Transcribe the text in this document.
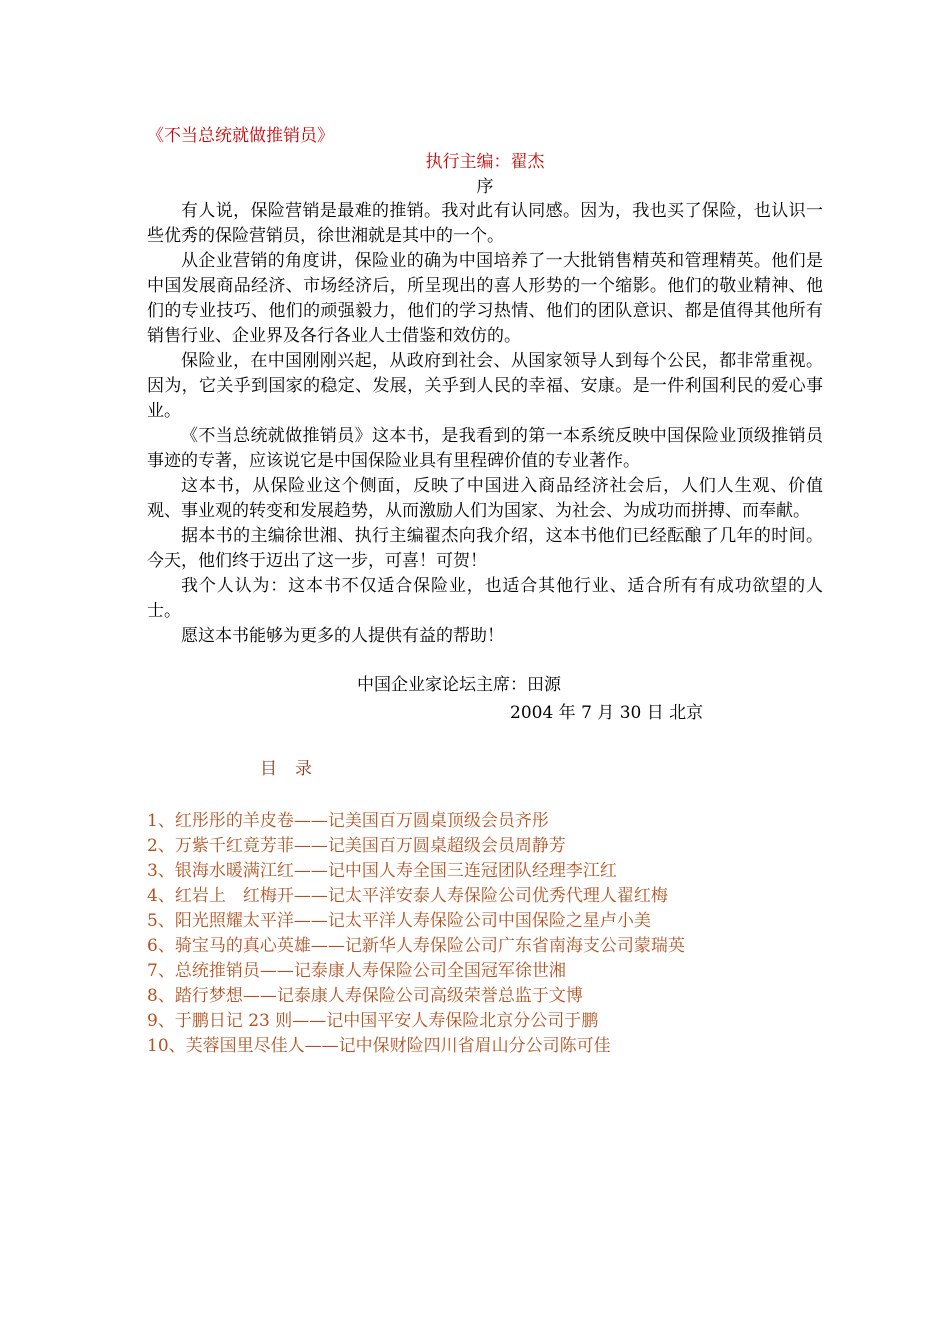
《不当总统就做推销员》

执行主编：翟杰

序

有人说，保险营销是最难的推销。我对此有认同感。因为，我也买了保险，也认识一些优秀的保险营销员，徐世湘就是其中的一个。

从企业营销的角度讲，保险业的确为中国培养了一大批销售精英和管理精英。他们是中国发展商品经济、市场经济后，所呈现出的喜人形势的一个缩影。他们的敬业精神、他们的专业技巧、他们的顽强毅力，他们的学习热情、他们的团队意识、都是值得其他所有销售行业、企业界及各行各业人士借鉴和效仿的。

保险业，在中国刚刚兴起，从政府到社会、从国家领导人到每个公民，都非常重视。因为，它关乎到国家的稳定、发展，关乎到人民的幸福、安康。是一件利国利民的爱心事业。

《不当总统就做推销员》这本书，是我看到的第一本系统反映中国保险业顶级推销员事迹的专著，应该说它是中国保险业具有里程碑价值的专业著作。

这本书，从保险业这个侧面，反映了中国进入商品经济社会后，人们人生观、价值观、事业观的转变和发展趋势，从而激励人们为国家、为社会、为成功而拼搏、而奉献。

据本书的主编徐世湘、执行主编翟杰向我介绍，这本书他们已经酝酿了几年的时间。今天，他们终于迈出了这一步，可喜！可贺！

我个人认为：这本书不仅适合保险业，也适合其他行业、适合所有有成功欲望的人士。

愿这本书能够为更多的人提供有益的帮助！

中国企业家论坛主席：田源

2004 年 7 月 30 日 北京

目录

1、红彤彤的羊皮卷——记美国百万圆桌顶级会员齐彤
2、万紫千红竟芳菲——记美国百万圆桌超级会员周静芳
3、银海水暖满江红——记中国人寿全国三连冠团队经理李江红
4、红岩上　红梅开——记太平洋安泰人寿保险公司优秀代理人翟红梅
5、阳光照耀太平洋——记太平洋人寿保险公司中国保险之星卢小美
6、骑宝马的真心英雄——记新华人寿保险公司广东省南海支公司蒙瑞英
7、总统推销员——记泰康人寿保险公司全国冠军徐世湘
8、踏行梦想——记泰康人寿保险公司高级荣誉总监于文博
9、于鹏日记 23 则——记中国平安人寿保险北京分公司于鹏
10、芙蓉国里尽佳人——记中保财险四川省眉山分公司陈可佳
